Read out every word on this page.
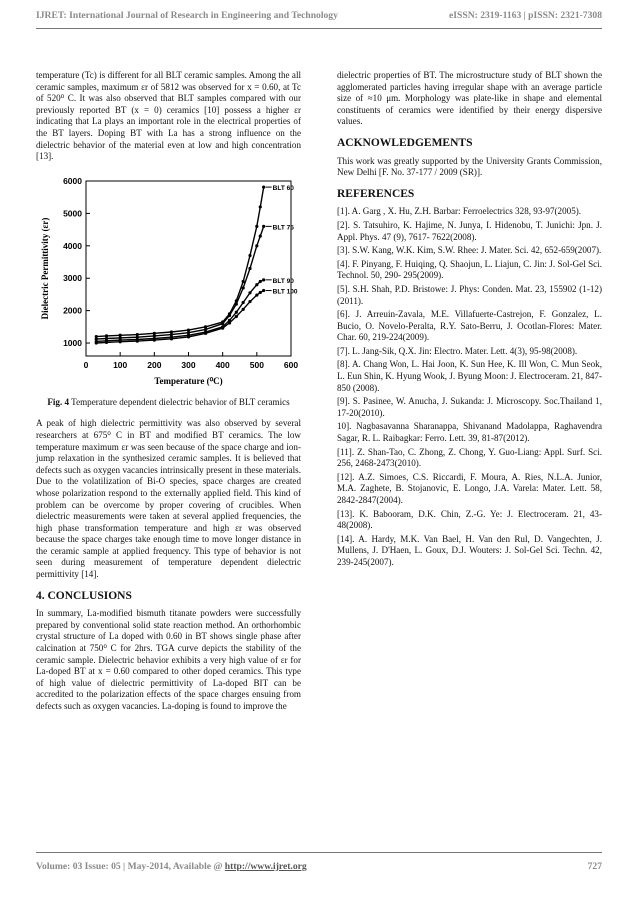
IJRET: International Journal of Research in Engineering and Technology	eISSN: 2319-1163 | pISSN: 2321-7308

temperature (Tc) is different for all BLT ceramic samples. Among the all ceramic samples, maximum εr of 5812 was observed for x = 0.60, at Tc of 520⁰ C. It was also observed that BLT samples compared with our previously reported BT (x = 0) ceramics [10] possess a higher εr indicating that La plays an important role in the electrical properties of the BT layers. Doping BT with La has a strong influence on the dielectric behavior of the material even at low and high concentration [13].

0	100 200 300 400 500 600
1000
2000
3000
4000
5000
6000
Temperature (⁰C)
Dielectric Permittivity (εr)
BLT 60
BLT 75
BLT 90
BLT 100
Fig. 4 Temperature dependent dielectric behavior of BLT ceramics

A peak of high dielectric permittivity was also observed by several researchers at 675⁰ C in BT and modified BT ceramics. The low temperature maximum εr was seen because of the space charge and ion-jump relaxation in the synthesized ceramic samples. It is believed that defects such as oxygen vacancies intrinsically present in these materials. Due to the volatilization of Bi-O species, space charges are created whose polarization respond to the externally applied field. This kind of problem can be overcome by proper covering of crucibles. When dielectric measurements were taken at several applied frequencies, the high phase transformation temperature and high εr was observed because the space charges take enough time to move longer distance in the ceramic sample at applied frequency. This type of behavior is not seen during measurement of temperature dependent dielectric permittivity [14].

4. CONCLUSIONS

In summary, La-modified bismuth titanate powders were successfully prepared by conventional solid state reaction method. An orthorhombic crystal structure of La doped with 0.60 in BT shows single phase after calcination at 750⁰ C for 2hrs. TGA curve depicts the stability of the ceramic sample. Dielectric behavior exhibits a very high value of εr for La-doped BT at x = 0.60 compared to other doped ceramics. This type of high value of dielectric permittivity of La-doped BIT can be accredited to the polarization effects of the space charges ensuing from defects such as oxygen vacancies. La-doping is found to improve the

dielectric properties of BT. The microstructure study of BLT shown the agglomerated particles having irregular shape with an average particle size of ≈10 μm. Morphology was plate-like in shape and elemental constituents of ceramics were identified by their energy dispersive values.

ACKNOWLEDGEMENTS

This work was greatly supported by the University Grants Commission, New Delhi [F. No. 37-177 / 2009 (SR)].

REFERENCES

[1]. A. Garg , X. Hu, Z.H. Barbar: Ferroelectrics 328, 93-97(2005).

[2]. S. Tatsuhiro, K. Hajime, N. Junya, I. Hidenobu, T. Junichi: Jpn. J. Appl. Phys. 47 (9), 7617- 7622(2008).

[3]. S.W. Kang, W.K. Kim, S.W. Rhee: J. Mater. Sci. 42, 652-659(2007).

[4]. F. Pinyang, F. Huiqing, Q. Shaojun, L. Liajun, C. Jin: J. Sol-Gel Sci. Technol. 50, 290- 295(2009).

[5]. S.H. Shah, P.D. Bristowe: J. Phys: Conden. Mat. 23, 155902 (1-12)(2011).

[6]. J. Arreuin-Zavala, M.E. Villafuerte-Castrejon, F. Gonzalez, L. Bucio, O. Novelo-Peralta, R.Y. Sato-Berru, J. Ocotlan-Flores: Mater. Char. 60, 219-224(2009).

[7]. L. Jang-Sik, Q.X. Jin: Electro. Mater. Lett. 4(3), 95-98(2008).

[8]. A. Chang Won, L. Hai Joon, K. Sun Hee, K. Ill Won, C. Mun Seok, L. Eun Shin, K. Hyung Wook, J. Byung Moon: J. Electroceram. 21, 847-850 (2008).

[9]. S. Pasinee, W. Anucha, J. Sukanda: J. Microscopy. Soc.Thailand 1, 17-20(2010).

10]. Nagbasavanna Sharanappa, Shivanand Madolappa, Raghavendra Sagar, R. L. Raibagkar: Ferro. Lett. 39, 81-87(2012).

[11]. Z. Shan-Tao, C. Zhong, Z. Chong, Y. Guo-Liang: Appl. Surf. Sci. 256, 2468-2473(2010).

[12]. A.Z. Simoes, C.S. Riccardi, F. Moura, A. Ries, N.L.A. Junior, M.A. Zaghete, B. Stojanovic, E. Longo, J.A. Varela: Mater. Lett. 58, 2842-2847(2004).

[13]. K. Babooram, D.K. Chin, Z.-G. Ye: J. Electroceram. 21, 43-48(2008).

[14]. A. Hardy, M.K. Van Bael, H. Van den Rul, D. Vangechten, J. Mullens, J. D'Haen, L. Goux, D.J. Wouters: J. Sol-Gel Sci. Techn. 42, 239-245(2007).

Volume: 03 Issue: 05 | May-2014, Available @ http://www.ijret.org	727
